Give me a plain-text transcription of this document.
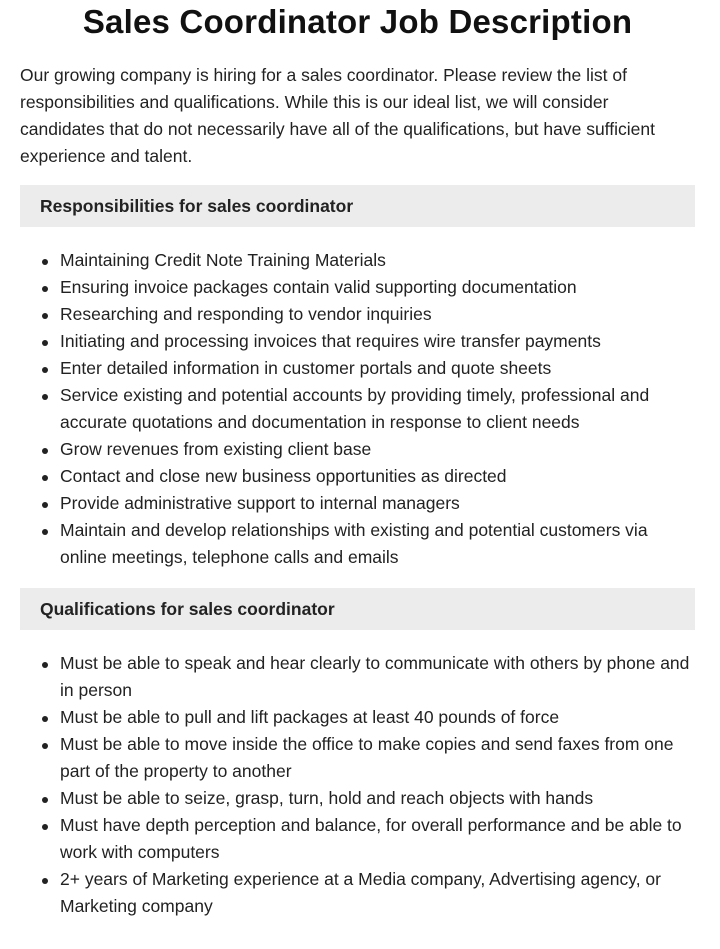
Sales Coordinator Job Description

Our growing company is hiring for a sales coordinator. Please review the list of responsibilities and qualifications. While this is our ideal list, we will consider candidates that do not necessarily have all of the qualifications, but have sufficient experience and talent.

Responsibilities for sales coordinator
Maintaining Credit Note Training Materials
Ensuring invoice packages contain valid supporting documentation
Researching and responding to vendor inquiries
Initiating and processing invoices that requires wire transfer payments
Enter detailed information in customer portals and quote sheets
Service existing and potential accounts by providing timely, professional and accurate quotations and documentation in response to client needs
Grow revenues from existing client base
Contact and close new business opportunities as directed
Provide administrative support to internal managers
Maintain and develop relationships with existing and potential customers via online meetings, telephone calls and emails
Qualifications for sales coordinator
Must be able to speak and hear clearly to communicate with others by phone and in person
Must be able to pull and lift packages at least 40 pounds of force
Must be able to move inside the office to make copies and send faxes from one part of the property to another
Must be able to seize, grasp, turn, hold and reach objects with hands
Must have depth perception and balance, for overall performance and be able to work with computers
2+ years of Marketing experience at a Media company, Advertising agency, or Marketing company
